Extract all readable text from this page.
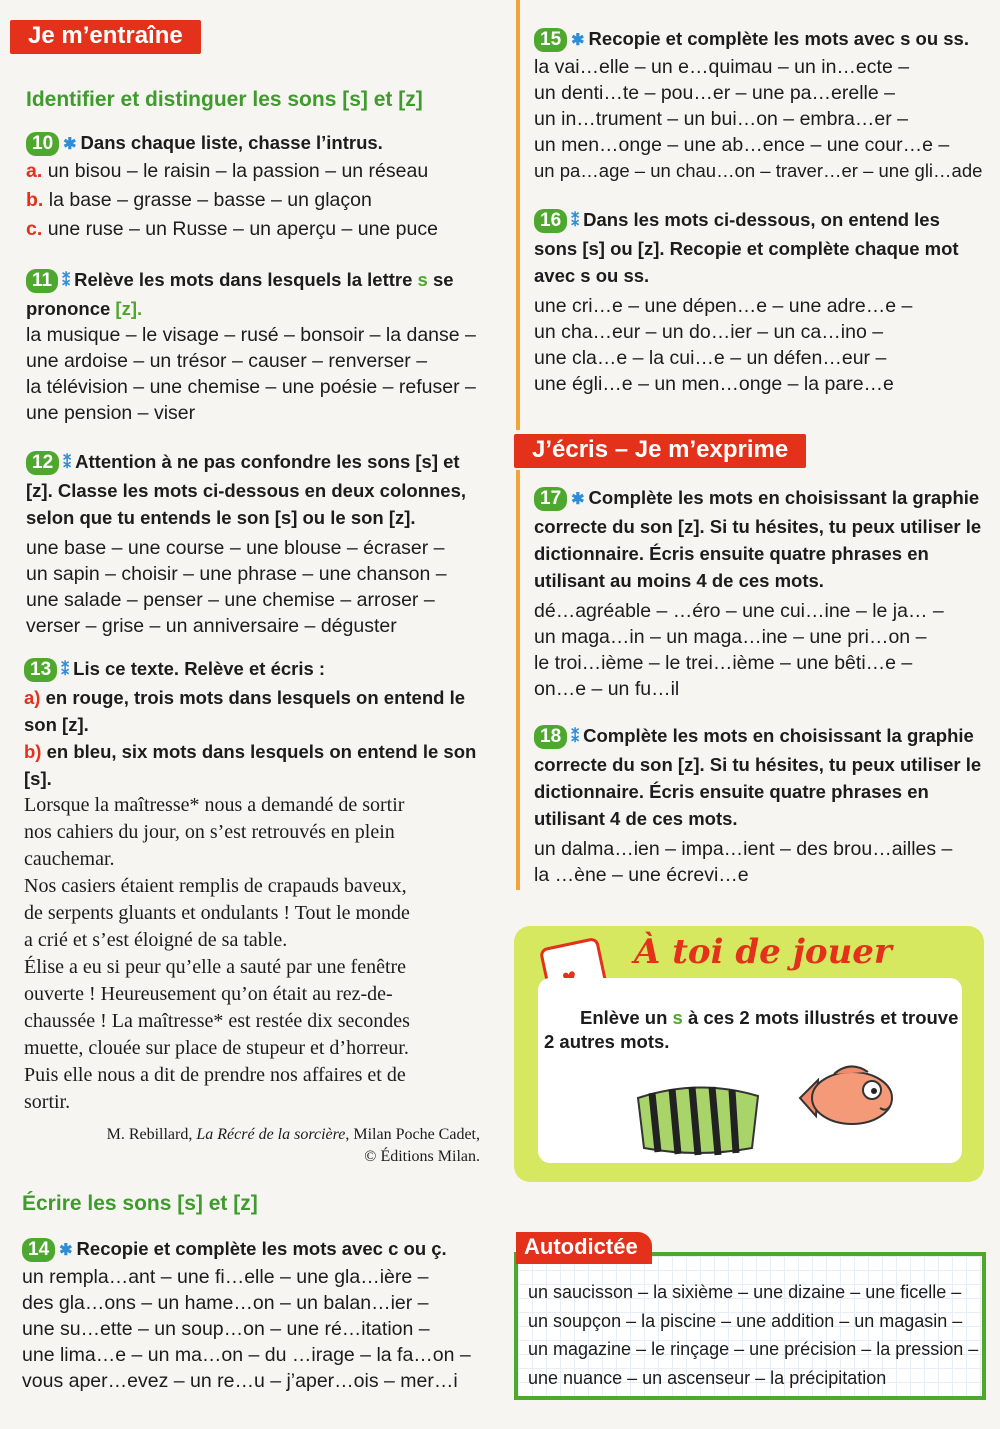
Je m’entraîne
Identifier et distinguer les sons [s] et [z]
10 ✱ Dans chaque liste, chasse l’intrus.
a. un bisou – le raisin – la passion – un réseau
b. la base – grasse – basse – un glaçon
c. une ruse – un Russe – un aperçu – une puce
11 ⁑ Relève les mots dans lesquels la lettre s se prononce [z].
la musique – le visage – rusé – bonsoir – la danse –
une ardoise – un trésor – causer – renverser –
la télévision – une chemise – une poésie – refuser –
une pension – viser
12 ⁑ Attention à ne pas confondre les sons [s] et [z]. Classe les mots ci-dessous en deux colonnes, selon que tu entends le son [s] ou le son [z].
une base – une course – une blouse – écraser –
un sapin – choisir – une phrase – une chanson –
une salade – penser – une chemise – arroser –
verser – grise – un anniversaire – déguster
13 ⁑ Lis ce texte. Relève et écris :
a) en rouge, trois mots dans lesquels on entend le son [z].
b) en bleu, six mots dans lesquels on entend le son [s].
Lorsque la maîtresse* nous a demandé de sortir
nos cahiers du jour, on s’est retrouvés en plein
cauchemar.
Nos casiers étaient remplis de crapauds baveux,
de serpents gluants et ondulants ! Tout le monde
a crié et s’est éloigné de sa table.
Élise a eu si peur qu’elle a sauté par une fenêtre
ouverte ! Heureusement qu’on était au rez-de-
chaussée ! La maîtresse* est restée dix secondes
muette, clouée sur place de stupeur et d’horreur.
Puis elle nous a dit de prendre nos affaires et de
sortir.
M. Rebillard, La Récré de la sorcière, Milan Poche Cadet,
© Éditions Milan.
Écrire les sons [s] et [z]
14 ✱ Recopie et complète les mots avec c ou ç.
un rempla…ant – une fi…elle – une gla…ière –
des gla…ons – un hame…on – un balan…ier –
une su…ette – un soup…on – une ré…itation –
une lima…e – un ma…on – du …irage – la fa…on –
vous aper…evez – un re…u – j’aper…ois – mer…i
15 ✱ Recopie et complète les mots avec s ou ss.
la vai…elle – un e…quimau – un in…ecte –
un denti…te – pou…er – une pa…erelle –
un in…trument – un bui…on – embra…er –
un men…onge – une ab…ence – une cour…e –
un pa…age – un chau…on – traver…er – une gli…ade
16 ⁑ Dans les mots ci-dessous, on entend les sons [s] ou [z]. Recopie et complète chaque mot avec s ou ss.
une cri…e – une dépen…e – une adre…e –
un cha…eur – un do…ier – un ca…ino –
une cla…e – la cui…e – un défen…eur –
une égli…e – un men…onge – la pare…e
J’écris – Je m’exprime
17 ✱ Complète les mots en choisissant la graphie correcte du son [z]. Si tu hésites, tu peux utiliser le dictionnaire. Écris ensuite quatre phrases en utilisant au moins 4 de ces mots.
dé…agréable – …éro – une cui…ine – le ja… –
un maga…in – un maga…ine – une pri…on –
le troi…ième – le trei…ième – une bêti…e –
on…e – un fu…il
18 ⁑ Complète les mots en choisissant la graphie correcte du son [z]. Si tu hésites, tu peux utiliser le dictionnaire. Écris ensuite quatre phrases en utilisant 4 de ces mots.
un dalma…ien – impa…ient – des brou…ailles –
la …ène – une écrevi…e
À toi de jouer
Enlève un s à ces 2 mots illustrés et trouve
2 autres mots.
un saucisson – la sixième – une dizaine – une ficelle –
un soupçon – la piscine – une addition – un magasin –
un magazine – le rinçage – une précision – la pression –
une nuance – un ascenseur – la précipitation
Autodictée
